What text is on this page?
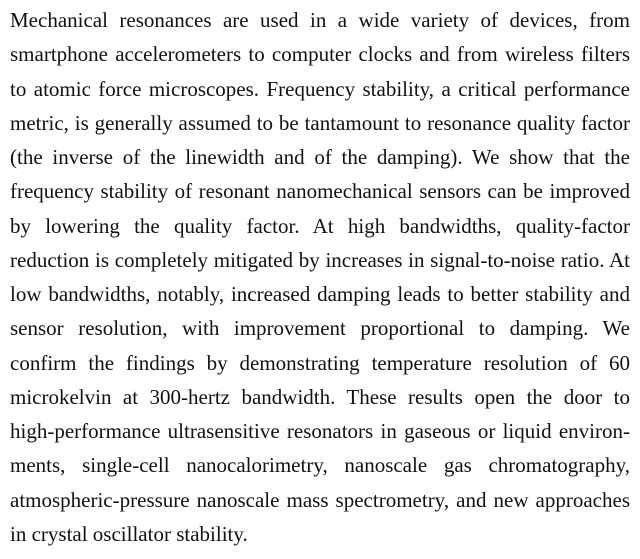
Mechanical resonances are used in a wide variety of devices, from
smartphone accelerometers to computer clocks and from wireless filters
to atomic force microscopes. Frequency stability, a critical performance
metric, is generally assumed to be tantamount to resonance quality factor
(the inverse of the linewidth and of the damping). We show that the
frequency stability of resonant nanomechanical sensors can be improved
by lowering the quality factor. At high bandwidths, quality-factor
reduction is completely mitigated by increases in signal-to-noise ratio. At
low bandwidths, notably, increased damping leads to better stability and
sensor resolution, with improvement proportional to damping. We
confirm the findings by demonstrating temperature resolution of 60
microkelvin at 300-hertz bandwidth. These results open the door to
high-performance ultrasensitive resonators in gaseous or liquid environ-
ments, single-cell nanocalorimetry, nanoscale gas chromatography,
atmospheric-pressure nanoscale mass spectrometry, and new approaches
in crystal oscillator stability.
